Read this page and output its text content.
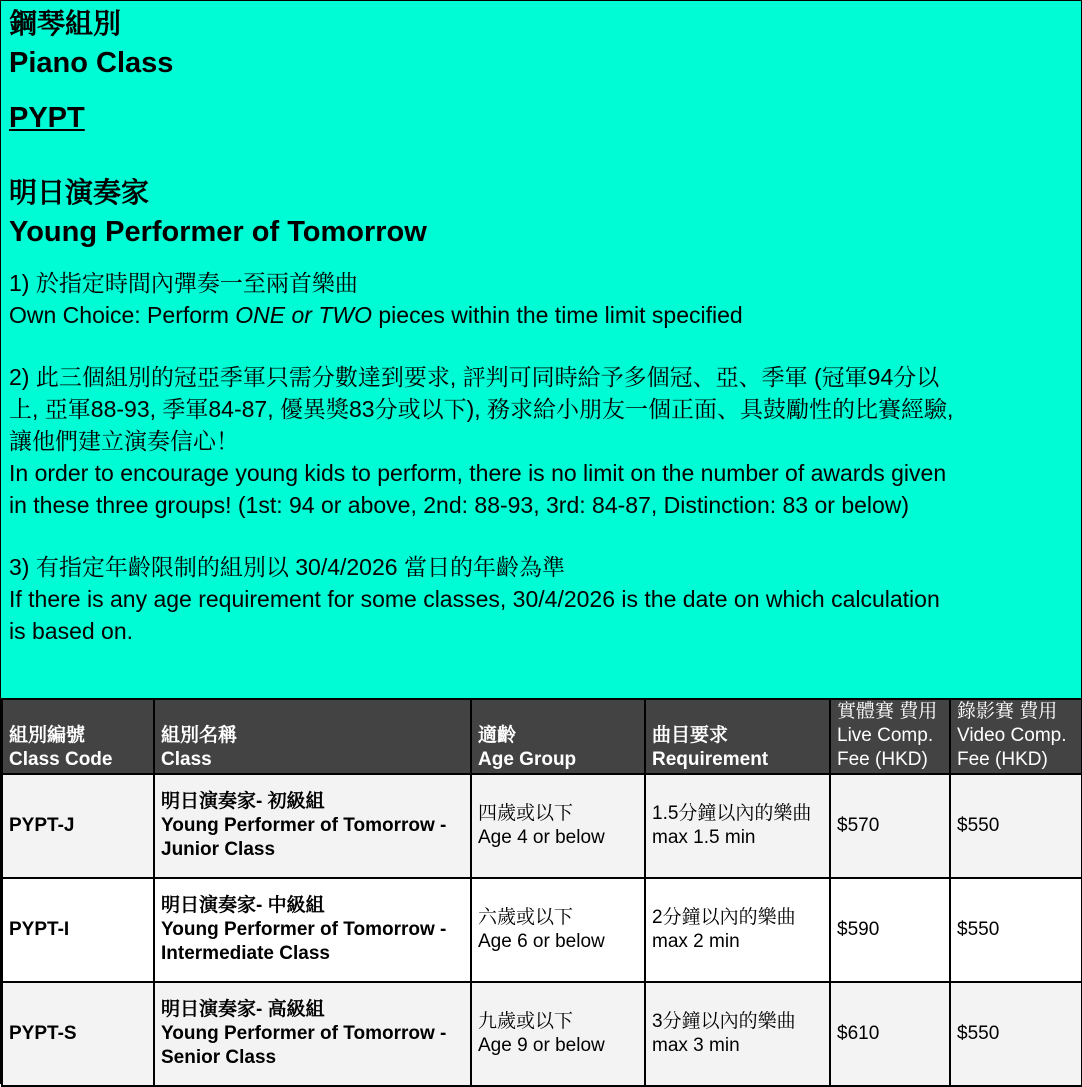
鋼琴組別

Piano Class

PYPT

明日演奏家

Young Performer of Tomorrow

1) 於指定時間內彈奏一至兩首樂曲

Own Choice: Perform ONE or TWO pieces within the time limit specified

2) 此三個組別的冠亞季軍只需分數達到要求, 評判可同時給予多個冠、亞、季軍 (冠軍94分以

上, 亞軍88-93, 季軍84-87, 優異獎83分或以下), 務求給小朋友一個正面、具鼓勵性的比賽經驗,

讓他們建立演奏信心！

In order to encourage young kids to perform, there is no limit on the number of awards given

in these three groups! (1st: 94 or above, 2nd: 88-93, 3rd: 84-87, Distinction: 83 or below)

3) 有指定年齡限制的組別以 30/4/2026 當日的年齡為準

If there is any age requirement for some classes, 30/4/2026 is the date on which calculation

is based on.

組別編號
Class Code	組別名稱
Class	適齡
Age Group	曲目要求
Requirement	實體賽 費用
Live Comp.
Fee (HKD)	錄影賽 費用
Video Comp.
Fee (HKD)

PYPT-J	明日演奏家- 初級組
Young Performer of Tomorrow -
Junior Class	四歲或以下
Age 4 or below	1.5分鐘以內的樂曲
max 1.5 min	$570	$550
PYPT-I	明日演奏家- 中級組
Young Performer of Tomorrow -
Intermediate Class	六歲或以下
Age 6 or below	2分鐘以內的樂曲
max 2 min	$590	$550
PYPT-S	明日演奏家- 高級組
Young Performer of Tomorrow -
Senior Class	九歲或以下
Age 9 or below	3分鐘以內的樂曲
max 3 min	$610	$550
